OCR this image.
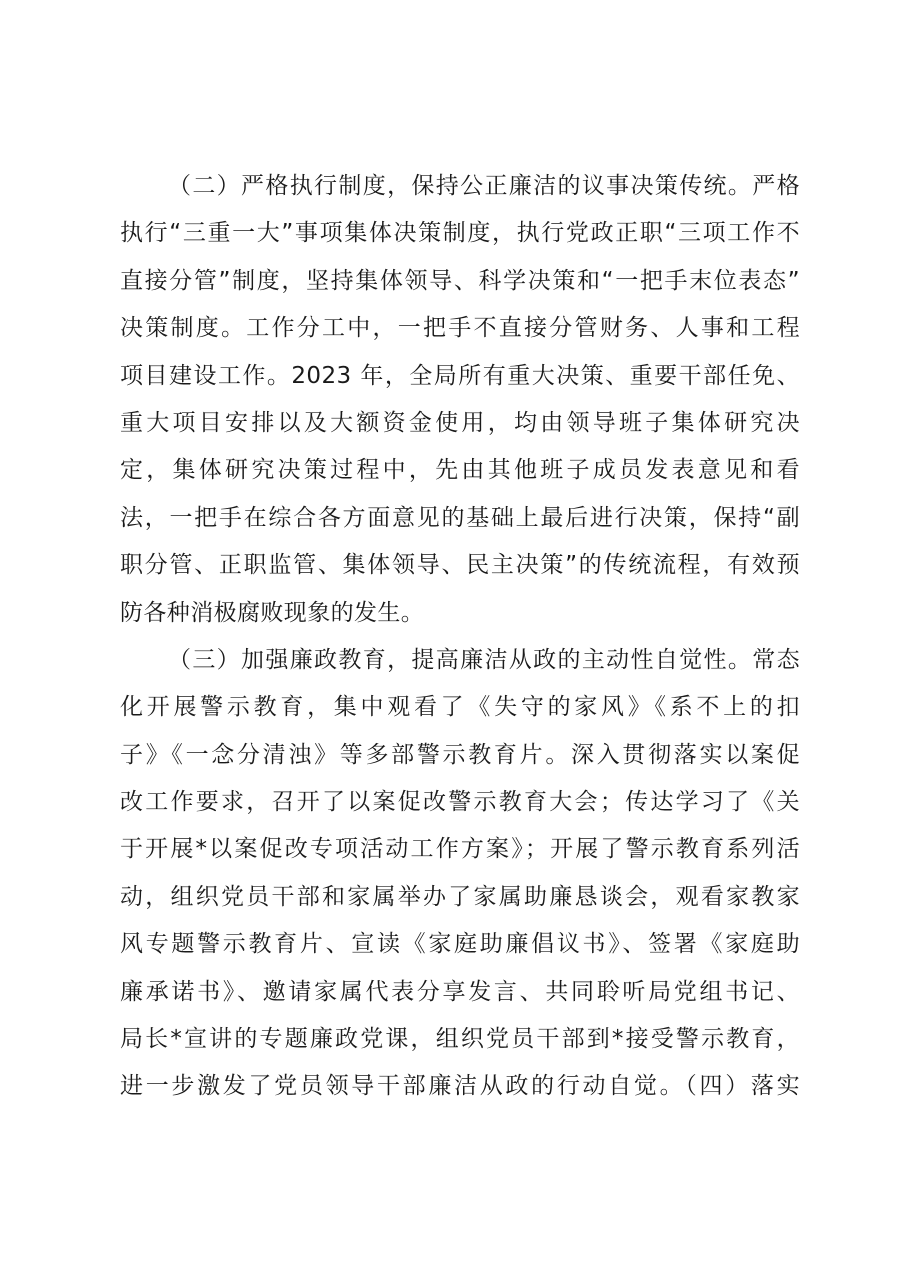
（二）严格执行制度，保持公正廉洁的议事决策传统。严格
执行“三重一大”事项集体决策制度，执行党政正职“三项工作不
直接分管”制度，坚持集体领导、科学决策和“一把手末位表态”
决策制度。工作分工中，一把手不直接分管财务、人事和工程
项目建设工作。2023 年，全局所有重大决策、重要干部任免、
重大项目安排以及大额资金使用，均由领导班子集体研究决
定，集体研究决策过程中，先由其他班子成员发表意见和看
法，一把手在综合各方面意见的基础上最后进行决策，保持“副
职分管、正职监管、集体领导、民主决策”的传统流程，有效预
防各种消极腐败现象的发生。
（三）加强廉政教育，提高廉洁从政的主动性自觉性。常态
化开展警示教育，集中观看了《失守的家风》《系不上的扣
子》《一念分清浊》等多部警示教育片。深入贯彻落实以案促
改工作要求，召开了以案促改警示教育大会；传达学习了《关
于开展*以案促改专项活动工作方案》；开展了警示教育系列活
动，组织党员干部和家属举办了家属助廉恳谈会，观看家教家
风专题警示教育片、宣读《家庭助廉倡议书》、签署《家庭助
廉承诺书》、邀请家属代表分享发言、共同聆听局党组书记、
局长*宣讲的专题廉政党课，组织党员干部到*接受警示教育，
进一步激发了党员领导干部廉洁从政的行动自觉。（四）落实
